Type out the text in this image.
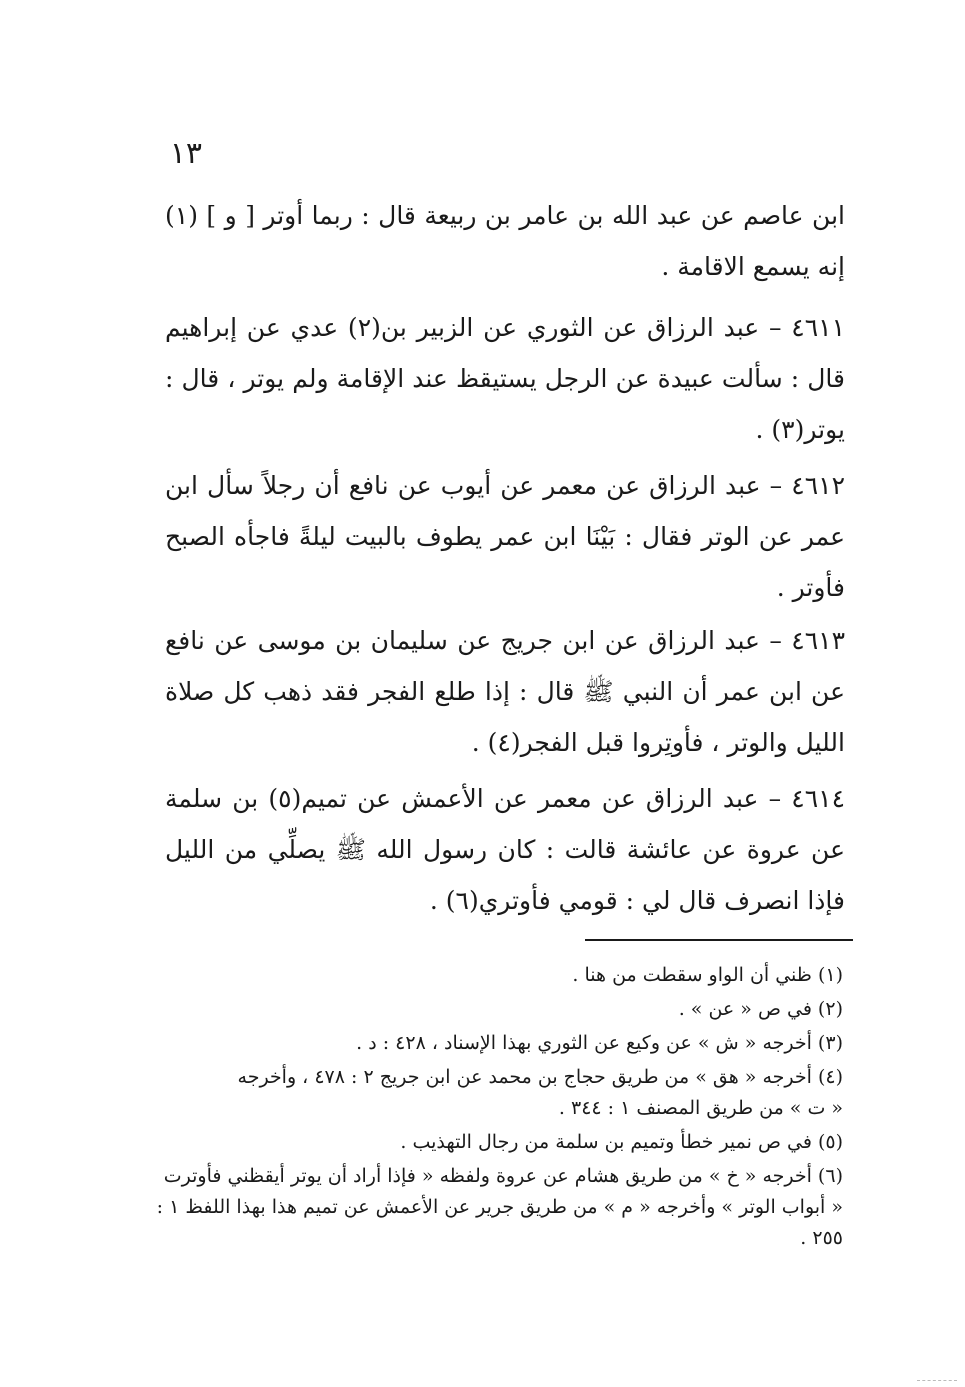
١٣

ابن عاصم عن عبد الله بن عامر بن ربيعة قال : ربما أوتر [ و ] (١) إنه يسمع الاقامة .

٤٦١١ – عبد الرزاق عن الثوري عن الزبير بن(٢) عدي عن إبراهيم قال : سألت عبيدة عن الرجل يستيقظ عند الإقامة ولم يوتر ، قال : يوتر(٣) .

٤٦١٢ – عبد الرزاق عن معمر عن أيوب عن نافع أن رجلاً سأل ابن عمر عن الوتر فقال : بَيْنَا ابن عمر يطوف بالبيت ليلةً فاجأه الصبح فأوتر .

٤٦١٣ – عبد الرزاق عن ابن جريج عن سليمان بن موسى عن نافع عن ابن عمر أن النبي ﷺ قال : إذا طلع الفجر فقد ذهب كل صلاة الليل والوتر ، فأوتِروا قبل الفجر(٤) .

٤٦١٤ – عبد الرزاق عن معمر عن الأعمش عن تميم(٥) بن سلمة عن عروة عن عائشة قالت : كان رسول الله ﷺ يصلِّي من الليل فإذا انصرف قال لي : قومي فأوتري(٦) .

(١) ظني أن الواو سقطت من هنا .

(٢) في ص « عن » .

(٣) أخرجه « ش » عن وكيع عن الثوري بهذا الإسناد ، ٤٢٨ : د .

(٤) أخرجه « هق » من طريق حجاج بن محمد عن ابن جريج ٢ : ٤٧٨ ، وأخرجه

« ت » من طريق المصنف ١ : ٣٤٤ .

(٥) في ص نمير خطأ وتميم بن سلمة من رجال التهذيب .

(٦) أخرجه « خ » من طريق هشام عن عروة ولفظه « فإذا أراد أن يوتر أيقظني فأوترت

« أبواب الوتر » وأخرجه « م » من طريق جرير عن الأعمش عن تميم هذا بهذا اللفظ ١ : ٢٥٥ .
